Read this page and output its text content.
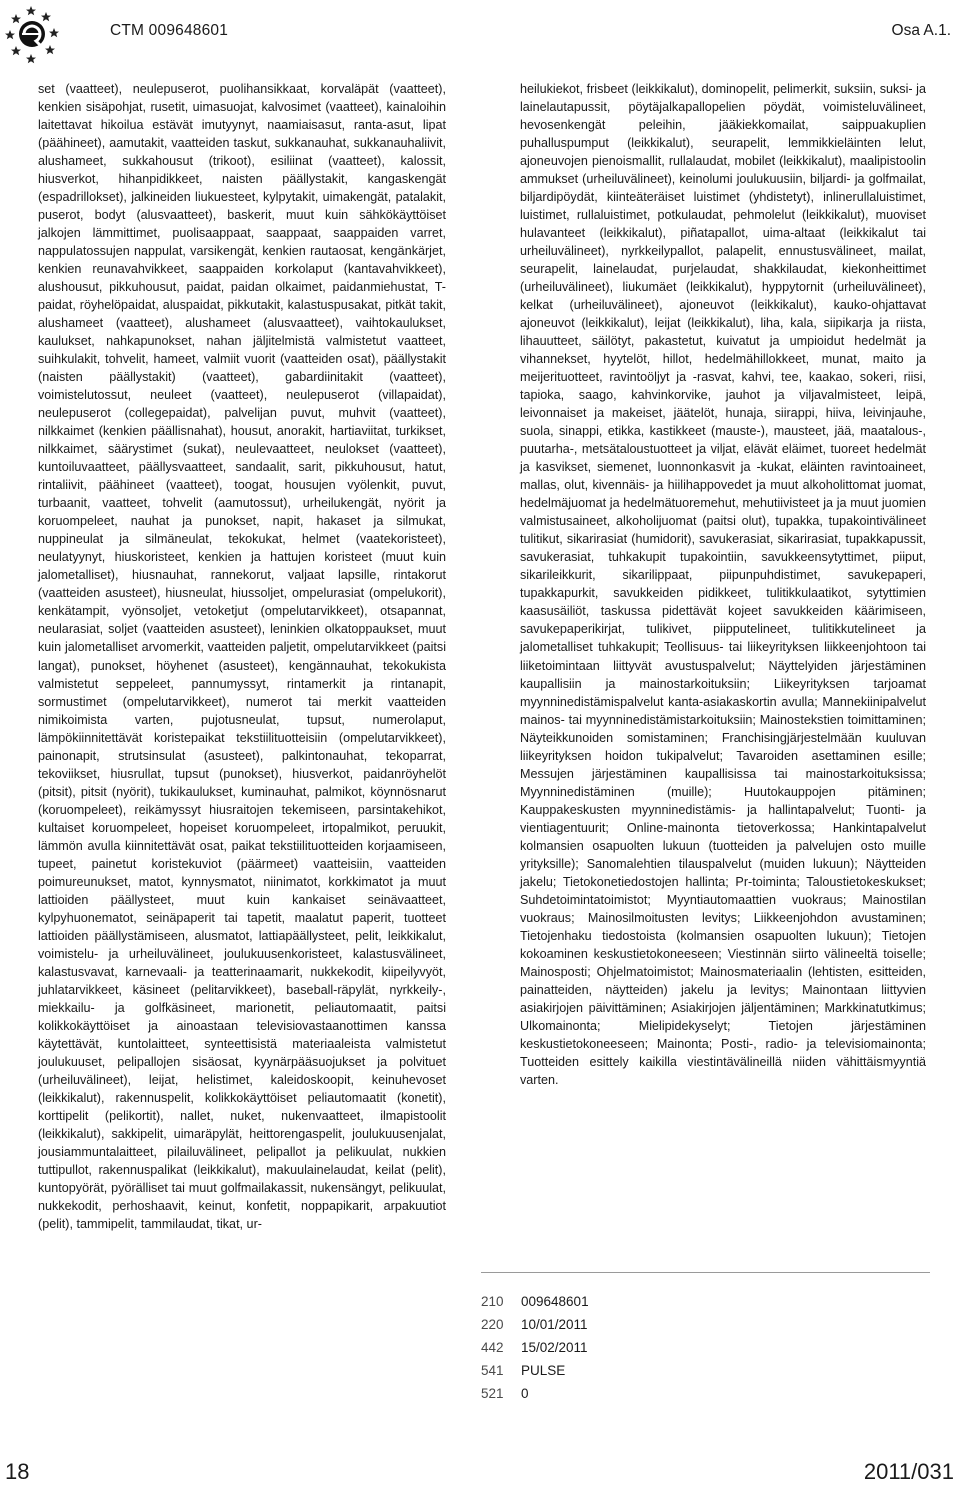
CTM 009648601	Osa A.1.
set (vaatteet), neulepuserot, puolihansikkaat, korvaläpät (vaatteet), kenkien sisäpohjat, rusetit, uimasuojat, kalvosimet (vaatteet), kainaloihin laitettavat hikoilua estävät imutyynyt, naamiaisasut, ranta-asut, lipat (päähineet), aamutakit, vaatteiden taskut, sukkanauhat, sukkanauhaliivit, alushameet, sukkahousut (trikoot), esiliinat (vaatteet), kalossit, hiusverkot, hihanpidikkeet, naisten päällystakit, kangaskengät (espadrillokset), jalkineiden liukuesteet, kylpytakit, uimakengät, patalakit, puserot, bodyt (alusvaatteet), baskerit, muut kuin sähkökäyttöiset jalkojen lämmittimet, puolisaappaat, saappaat, saappaiden varret, nappulatossujen nappulat, varsikengät, kenkien rautaosat, kengänkärjet, kenkien reunavahvikkeet, saappaiden korkolaput (kantavahvikkeet), alushousut, pikkuhousut, paidat, paidan olkaimet, paidanmiehustat, T-paidat, röyhelöpaidat, aluspaidat, pikkutakit, kalastuspusakat, pitkät takit, alushameet (vaatteet), alushameet (alusvaatteet), vaihtokaulukset, kaulukset, nahkapunokset, nahan jäljitelmistä valmistetut vaatteet, suihkulakit, tohvelit, hameet, valmiit vuorit (vaatteiden osat), päällystakit (naisten päällystakit) (vaatteet), gabardiinitakit (vaatteet), voimistelutossut, neuleet (vaatteet), neulepuserot (villapaidat), neulepuserot (collegepaidat), palvelijan puvut, muhvit (vaatteet), nilkkaimet (kenkien päällisnahat), housut, anorakit, hartiaviitat, turkikset, nilkkaimet, säärystimet (sukat), neulevaatteet, neulokset (vaatteet), kuntoiluvaatteet, päällysvaatteet, sandaalit, sarit, pikkuhousut, hatut, rintaliivit, päähineet (vaatteet), toogat, housujen vyölenkit, puvut, turbaanit, vaatteet, tohvelit (aamutossut), urheilukengät, nyörit ja koruompeleet, nauhat ja punokset, napit, hakaset ja silmukat, nuppineulat ja silmäneulat, tekokukat, helmet (vaatekoristeet), neulatyynyt, hiuskoristeet, kenkien ja hattujen koristeet (muut kuin jalometalliset), hiusnauhat, rannekorut, valjaat lapsille, rintakorut (vaatteiden asusteet), hiusneulat, hiussoljet, ompelurasiat (ompelukorit), kenkätampit, vyönsoljet, vetoketjut (ompelutarvikkeet), otsapannat, neularasiat, soljet (vaatteiden asusteet), leninkien olkatoppaukset, muut kuin jalometalliset arvomerkit, vaatteiden paljetit, ompelutarvikkeet (paitsi langat), punokset, höyhenet (asusteet), kengännauhat, tekokukista valmistetut seppeleet, pannumyssyt, rintamerkit ja rintanapit, sormustimet (ompelutarvikkeet), numerot tai merkit vaatteiden nimikoimista varten, pujotusneulat, tupsut, numerolaput, lämpökiinnitettävät koristepaikat tekstiilituotteisiin (ompelutarvikkeet), painonapit, strutsinsulat (asusteet), palkintonauhat, tekoparrat, tekoviikset, hiusrullat, tupsut (punokset), hiusverkot, paidanröyhelöt (pitsit), pitsit (nyörit), tukikaulukset, kuminauhat, palmikot, köynnösnarut (koruompeleet), reikämyssyt hiusraitojen tekemiseen, parsintakehikot, kultaiset koruompeleet, hopeiset koruompeleet, irtopalmikot, peruukit, lämmön avulla kiinnitettävät osat, paikat tekstiilituotteiden korjaamiseen, tupeet, painetut koristekuviot (päärmeet) vaatteisiin, vaatteiden poimureunukset, matot, kynnysmatot, niinimatot, korkkimatot ja muut lattioiden päällysteet, muut kuin kankaiset seinävaatteet, kylpyhuonematot, seinäpaperit tai tapetit, maalatut paperit, tuotteet lattioiden päällystämiseen, alusmatot, lattiapäällysteet, pelit, leikkikalut, voimistelu- ja urheiluvälineet, joulukuusenkoristeet, kalastusvälineet, kalastusvavat, karnevaali- ja teatterinaamarit, nukkekodit, kiipeilyvyöt, juhlatarvikkeet, käsineet (pelitarvikkeet), baseball-räpylät, nyrkkeily-, miekkailu- ja golfkäsineet, marionetit, peliautomaatit, paitsi kolikkokäyttöiset ja ainoastaan televisiovastaanottimen kanssa käytettävät, kuntolaitteet, synteettisistä materiaaleista valmistetut joulukuuset, pelipallojen sisäosat, kyynärpääsuojukset ja polvituet (urheiluvälineet), leijat, helistimet, kaleidoskoopit, keinuhevoset (leikkikalut), rakennuspelit, kolikkokäyttöiset peliautomaatit (konetit), korttipelit (pelikortit), nallet, nuket, nukenvaatteet, ilmapistoolit (leikkikalut), sakkipelit, uimaräpylät, heittorengaspelit, joulukuusenjalat, jousiammuntalaitteet, pilailuvälineet, pelipallot ja pelikuulat, nukkien tuttipullot, rakennuspalikat (leikkikalut), makuulainelaudat, keilat (pelit), kuntopyörät, pyörälliset tai muut golfmailakassit, nukensängyt, pelikuulat, nukkekodit, perhoshaavit, keinut, konfetit, noppapikarit, arpakuutiot (pelit), tammipelit, tammilaudat, tikat, ur-
heilukiekot, frisbeet (leikkikalut), dominopelit, pelimerkit, suksiin, suksi- ja lainelautapussit, pöytäjalkapallopelien pöydät, voimisteluvälineet, hevosenkengät peleihin, jääkiekkomailat, saippuakuplien puhalluspumput (leikkikalut), seurapelit, lemmikkieläinten lelut, ajoneuvojen pienoismallit, rullalaudat, mobilet (leikkikalut), maalipistoolin ammukset (urheiluvälineet), keinolumi joulukuusiin, biljardi- ja golfmailat, biljardipöydät, kiinteäteräiset luistimet (yhdistetyt), inlinerullaluistimet, luistimet, rullaluistimet, potkulaudat, pehmolelut (leikkikalut), muoviset hulavanteet (leikkikalut), piñatapallot, uima-altaat (leikkikalut tai urheiluvälineet), nyrkkeilypallot, palapelit, ennustusvälineet, mailat, seurapelit, lainelaudat, purjelaudat, shakkilaudat, kiekonheittimet (urheiluvälineet), liukumäet (leikkikalut), hyppytornit (urheiluvälineet), kelkat (urheiluvälineet), ajoneuvot (leikkikalut), kauko-ohjattavat ajoneuvot (leikkikalut), leijat (leikkikalut), liha, kala, siipikarja ja riista, lihauutteet, säilötyt, pakastetut, kuivatut ja umpioidut hedelmät ja vihannekset, hyytelöt, hillot, hedelmähillokkeet, munat, maito ja meijerituotteet, ravintoöljyt ja -rasvat, kahvi, tee, kaakao, sokeri, riisi, tapioka, saago, kahvinkorvike, jauhot ja viljavalmisteet, leipä, leivonnaiset ja makeiset, jäätelöt, hunaja, siirappi, hiiva, leivinjauhe, suola, sinappi, etikka, kastikkeet (mauste-), mausteet, jää, maatalous-, puutarha-, metsätaloustuotteet ja viljat, elävät eläimet, tuoreet hedelmät ja kasvikset, siemenet, luonnonkasvit ja -kukat, eläinten ravintoaineet, mallas, olut, kivennäis- ja hiilihappovedet ja muut alkoholittomat juomat, hedelmäjuomat ja hedelmätuoremehut, mehutiivisteet ja ja muut juomien valmistusaineet, alkoholijuomat (paitsi olut), tupakka, tupakointivälineet tulitikut, sikarirasiat (humidorit), savukerasiat, sikarirasiat, tupakkapussit, savukerasiat, tuhkakupit tupakointiin, savukkeensytyttimet, piiput, sikarileikkurit, sikarilippaat, piipunpuhdistimet, savukepaperi, tupakkapurkit, savukkeiden pidikkeet, tulitikkulaatikot, sytyttimien kaasusäiliöt, taskussa pidettävät kojeet savukkeiden käärimiseen, savukepaperikirjat, tulikivet, piipputelineet, tulitikkutelineet ja jalometalliset tuhkakupit; Teollisuus- tai liikeyrityksen liikkeenjohtoon tai liiketoimintaan liittyvät avustuspalvelut; Näyttelyiden järjestäminen kaupallisiin ja mainostarkoituksiin; Liikeyrityksen tarjoamat myynninedistämispalvelut kanta-asiakaskortin avulla; Mannekiinipalvelut mainos- tai myynninedistämistarkoituksiin; Mainostekstien toimittaminen; Näyteikkunoiden somistaminen; Franchisingjärjestelmään kuuluvan liikeyrityksen hoidon tukipalvelut; Tavaroiden asettaminen esille; Messujen järjestäminen kaupallisissa tai mainostarkoituksissa; Myynninedistäminen (muille); Huutokauppojen pitäminen; Kauppakeskusten myynninedistämis- ja hallintapalvelut; Tuonti- ja vientiagentuurit; Online-mainonta tietoverkossa; Hankintapalvelut kolmansien osapuolten lukuun (tuotteiden ja palvelujen osto muille yrityksille); Sanomalehtien tilauspalvelut (muiden lukuun); Näytteiden jakelu; Tietokonetiedostojen hallinta; Pr-toiminta; Taloustietokeskukset; Suhdetoimintatoimistot; Myyntiautomaattien vuokraus; Mainostilan vuokraus; Mainosilmoitusten levitys; Liikkeenjohdon avustaminen; Tietojenhaku tiedostoista (kolmansien osapuolten lukuun); Tietojen kokoaminen keskustietokoneeseen; Viestinnän siirto välineeltä toiselle; Mainosposti; Ohjelmatoimistot; Mainosmateriaalin (lehtisten, esitteiden, painatteiden, näytteiden) jakelu ja levitys; Mainontaan liittyvien asiakirjojen päivittäminen; Asiakirjojen jäljentäminen; Markkinatutkimus; Ulkomainonta; Mielipidekyselyt; Tietojen järjestäminen keskustietokoneeseen; Mainonta; Posti-, radio- ja televisiomainonta; Tuotteiden esittely kaikilla viestintävälineillä niiden vähittäismyyntiä varten.
210	009648601
220	10/01/2011
442	15/02/2011
541	PULSE
521	0
18	2011/031
